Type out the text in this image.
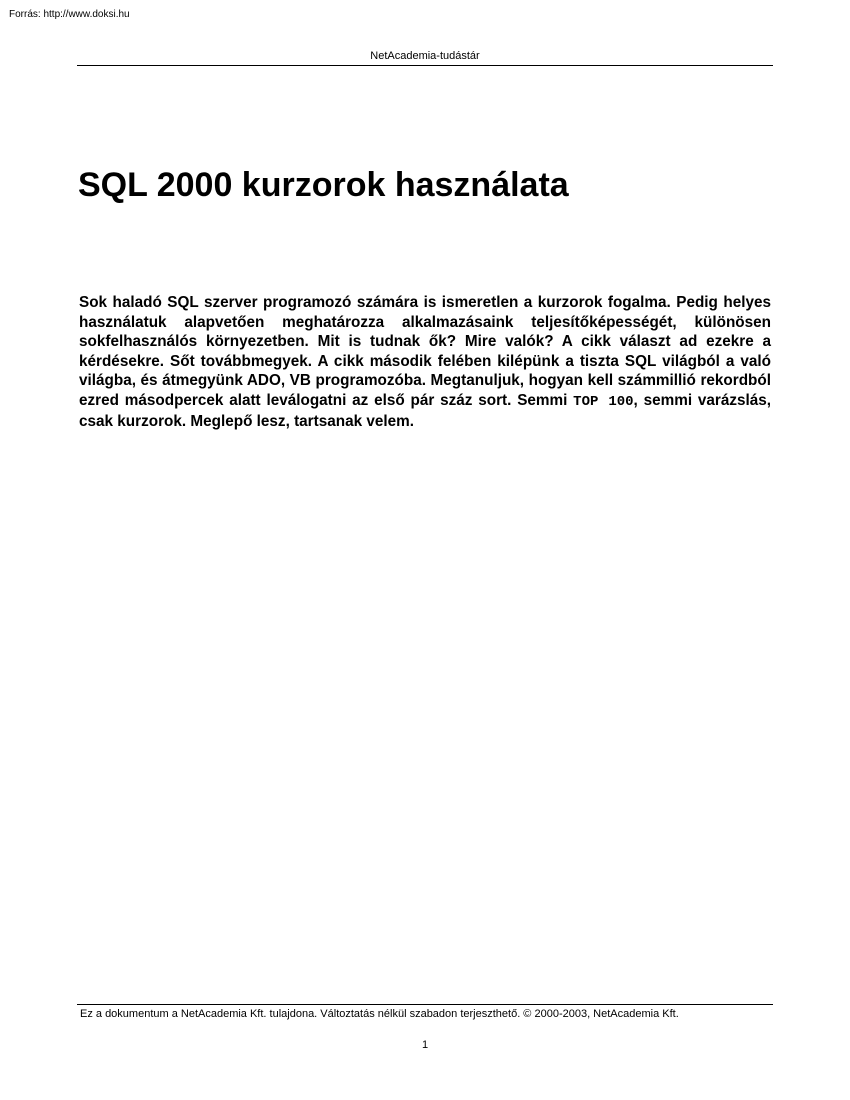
Forrás: http://www.doksi.hu
NetAcademia-tudástár
SQL 2000 kurzorok használata

Sok haladó SQL szerver programozó számára is ismeretlen a kurzorok fogalma. Pedig helyes használatuk alapvetően meghatározza alkalmazásaink teljesítőképességét, különösen sokfelhasználós környezetben. Mit is tudnak ők? Mire valók? A cikk választ ad ezekre a kérdésekre. Sőt továbbmegyek. A cikk második felében kilépünk a tiszta SQL világból a való világba, és átmegyünk ADO, VB programozóba. Megtanuljuk, hogyan kell számmillió rekordból ezred másodpercek alatt leválogatni az első pár száz sort. Semmi TOP 100, semmi varázslás, csak kurzorok. Meglepő lesz, tartsanak velem.

Ez a dokumentum a NetAcademia Kft. tulajdona. Változtatás nélkül szabadon terjeszthető. © 2000-2003, NetAcademia Kft.
1
